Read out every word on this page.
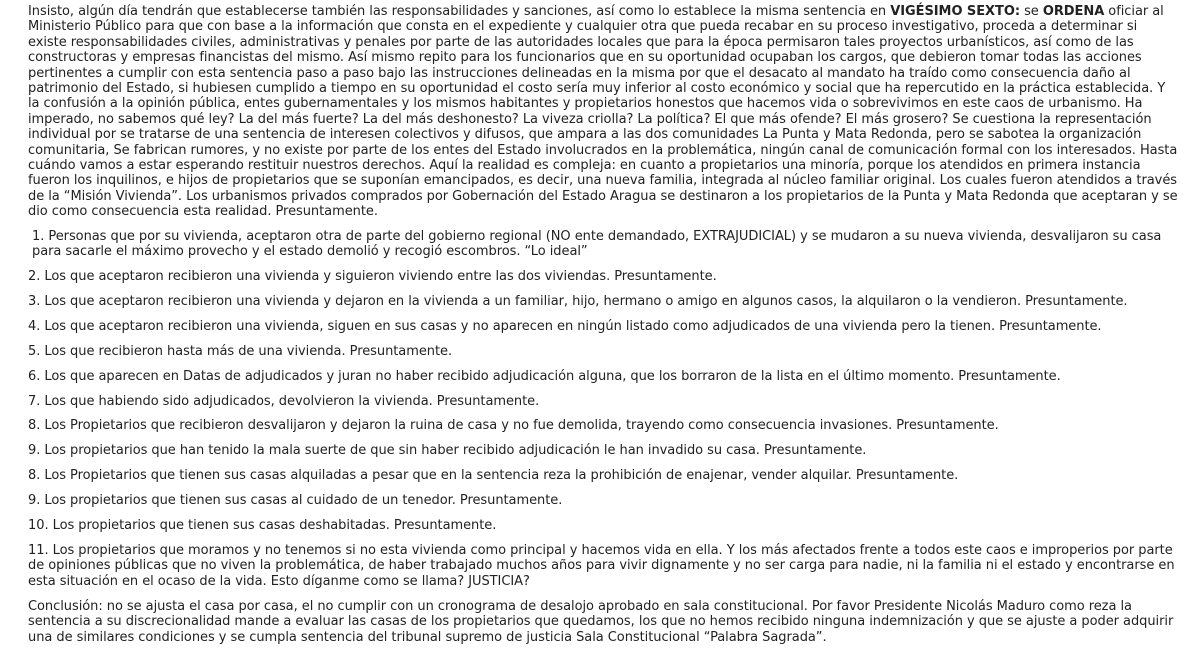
Insisto, algún día tendrán que establecerse también las responsabilidades y sanciones, así como lo establece la misma sentencia en VIGÉSIMO SEXTO: se ORDENA oficiar al Ministerio Público para que con base a la información que consta en el expediente y cualquier otra que pueda recabar en su proceso investigativo, proceda a determinar si existe responsabilidades civiles, administrativas y penales por parte de las autoridades locales que para la época permisaron tales proyectos urbanísticos, así como de las constructoras y empresas financistas del mismo. Así mismo repito para los funcionarios que en su oportunidad ocupaban los cargos, que debieron tomar todas las acciones pertinentes a cumplir con esta sentencia paso a paso bajo las instrucciones delineadas en la misma por que el desacato al mandato ha traído como consecuencia daño al patrimonio del Estado, si hubiesen cumplido a tiempo en su oportunidad el costo sería muy inferior al costo económico y social que ha repercutido en la práctica establecida. Y la confusión a la opinión pública, entes gubernamentales y los mismos habitantes y propietarios honestos que hacemos vida o sobrevivimos en este caos de urbanismo. Ha imperado, no sabemos qué ley? La del más fuerte? La del más deshonesto? La viveza criolla? La política? El que más ofende? El más grosero? Se cuestiona la representación individual por se tratarse de una sentencia de interesen colectivos y difusos, que ampara a las dos comunidades La Punta y Mata Redonda, pero se sabotea la organización comunitaria, Se fabrican rumores, y no existe por parte de los entes del Estado involucrados en la problemática, ningún canal de comunicación formal con los interesados. Hasta cuándo vamos a estar esperando restituir nuestros derechos. Aquí la realidad es compleja: en cuanto a propietarios una minoría, porque los atendidos en primera instancia fueron los inquilinos, e hijos de propietarios que se suponían emancipados, es decir, una nueva familia, integrada al núcleo familiar original. Los cuales fueron atendidos a través de la “Misión Vivienda”. Los urbanismos privados comprados por Gobernación del Estado Aragua se destinaron a los propietarios de la Punta y Mata Redonda que aceptaran y se dio como consecuencia esta realidad. Presuntamente.

1. Personas que por su vivienda, aceptaron otra de parte del gobierno regional (NO ente demandado, EXTRAJUDICIAL) y se mudaron a su nueva vivienda, desvalijaron su casa para sacarle el máximo provecho y el estado demolió y recogió escombros. “Lo ideal”

2. Los que aceptaron recibieron una vivienda y siguieron viviendo entre las dos viviendas. Presuntamente.

3. Los que aceptaron recibieron una vivienda y dejaron en la vivienda a un familiar, hijo, hermano o amigo en algunos casos, la alquilaron o la vendieron. Presuntamente.

4. Los que aceptaron recibieron una vivienda, siguen en sus casas y no aparecen en ningún listado como adjudicados de una vivienda pero la tienen. Presuntamente.

5. Los que recibieron hasta más de una vivienda. Presuntamente.

6. Los que aparecen en Datas de adjudicados y juran no haber recibido adjudicación alguna, que los borraron de la lista en el último momento. Presuntamente.

7. Los que habiendo sido adjudicados, devolvieron la vivienda. Presuntamente.

8. Los Propietarios que recibieron desvalijaron y dejaron la ruina de casa y no fue demolida, trayendo como consecuencia invasiones. Presuntamente.

9. Los propietarios que han tenido la mala suerte de que sin haber recibido adjudicación le han invadido su casa. Presuntamente.

8. Los Propietarios que tienen sus casas alquiladas a pesar que en la sentencia reza la prohibición de enajenar, vender alquilar. Presuntamente.

9. Los propietarios que tienen sus casas al cuidado de un tenedor. Presuntamente.

10. Los propietarios que tienen sus casas deshabitadas. Presuntamente.

11. Los propietarios que moramos y no tenemos si no esta vivienda como principal y hacemos vida en ella. Y los más afectados frente a todos este caos e improperios por parte de opiniones públicas que no viven la problemática, de haber trabajado muchos años para vivir dignamente y no ser carga para nadie, ni la familia ni el estado y encontrarse en esta situación en el ocaso de la vida. Esto díganme como se llama? JUSTICIA?

Conclusión: no se ajusta el casa por casa, el no cumplir con un cronograma de desalojo aprobado en sala constitucional. Por favor Presidente Nicolás Maduro como reza la sentencia a su discrecionalidad mande a evaluar las casas de los propietarios que quedamos, los que no hemos recibido ninguna indemnización y que se ajuste a poder adquirir una de similares condiciones y se cumpla sentencia del tribunal supremo de justicia Sala Constitucional “Palabra Sagrada”.
